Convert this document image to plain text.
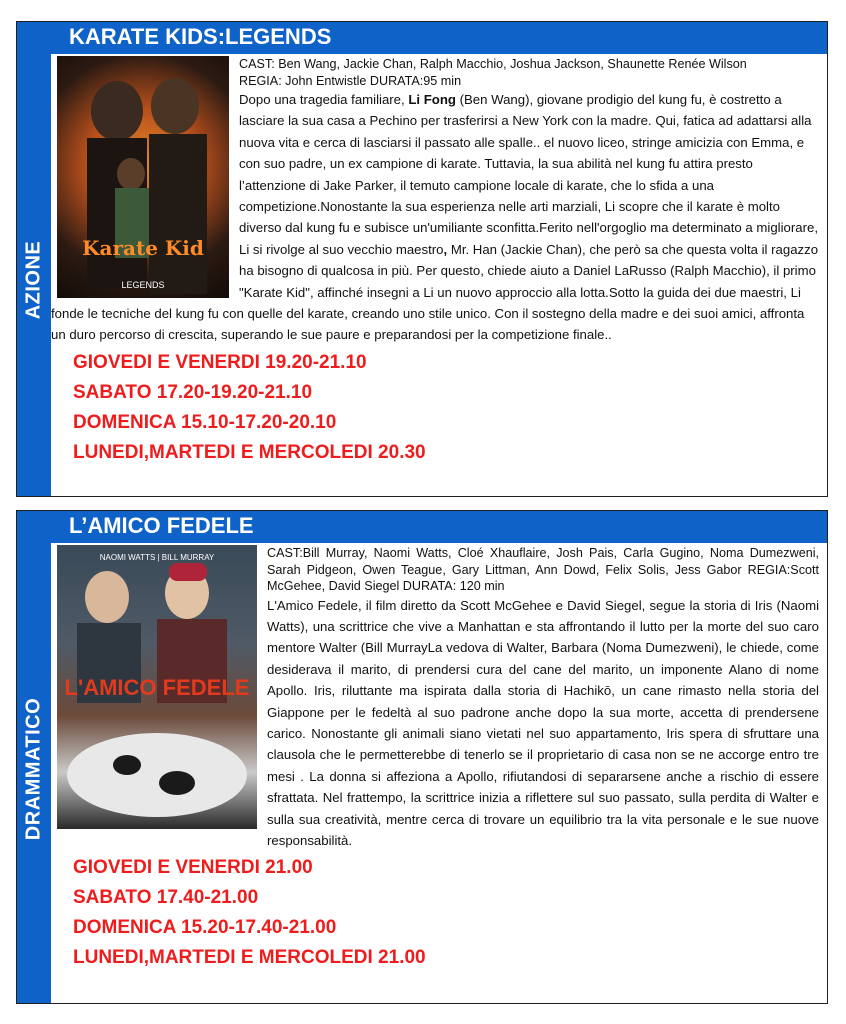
AZIONE
KARATE KIDS:LEGENDS
Karate Kid
LEGENDS
CAST: Ben Wang, Jackie Chan, Ralph Macchio, Joshua Jackson, Shaunette Renée Wilson
REGIA: John Entwistle DURATA:95 min
Dopo una tragedia familiare, Li Fong (Ben Wang), giovane prodigio del kung fu, è costretto a lasciare la sua casa a Pechino per trasferirsi a New York con la madre. Qui, fatica ad adattarsi alla nuova vita e cerca di lasciarsi il passato alle spalle.. el nuovo liceo, stringe amicizia con Emma, e con suo padre, un ex campione di karate. Tuttavia, la sua abilità nel kung fu attira presto l’attenzione di Jake Parker, il temuto campione locale di karate, che lo sfida a una competizione.Nonostante la sua esperienza nelle arti marziali, Li scopre che il karate è molto diverso dal kung fu e subisce un'umiliante sconfitta.Ferito nell'orgoglio ma determinato a migliorare, Li si rivolge al suo vecchio maestro, Mr. Han (Jackie Chan), che però sa che questa volta il ragazzo ha bisogno di qualcosa in più. Per questo, chiede aiuto a Daniel LaRusso (Ralph Macchio), il primo "Karate Kid", affinché insegni a Li un nuovo approccio alla lotta.Sotto la guida dei due maestri, Li fonde le tecniche del kung fu con quelle del karate, creando uno stile unico. Con il sostegno della madre e dei suoi amici, affronta un duro percorso di crescita, superando le sue paure e preparandosi per la competizione finale..
GIOVEDI E VENERDI 19.20-21.10
SABATO 17.20-19.20-21.10
DOMENICA 15.10-17.20-20.10
LUNEDI,MARTEDI E MERCOLEDI 20.30
DRAMMATICO
L’AMICO FEDELE
NAOMI WATTS | BILL MURRAY
L'AMICO FEDELE
CAST:Bill Murray, Naomi Watts, Cloé Xhauflaire, Josh Pais, Carla Gugino, Noma Dumezweni, Sarah Pidgeon, Owen Teague, Gary Littman, Ann Dowd, Felix Solis, Jess Gabor REGIA:Scott McGehee, David Siegel DURATA: 120 min
L'Amico Fedele, il film diretto da Scott McGehee e David Siegel, segue la storia di Iris (Naomi Watts), una scrittrice che vive a Manhattan e sta affrontando il lutto per la morte del suo caro mentore Walter (Bill MurrayLa vedova di Walter, Barbara (Noma Dumezweni), le chiede, come desiderava il marito, di prendersi cura del cane del marito, un imponente Alano di nome Apollo. Iris, riluttante ma ispirata dalla storia di Hachikō, un cane rimasto nella storia del Giappone per le fedeltà al suo padrone anche dopo la sua morte, accetta di prendersene carico. Nonostante gli animali siano vietati nel suo appartamento, Iris spera di sfruttare una clausola che le permetterebbe di tenerlo se il proprietario di casa non se ne accorge entro tre mesi . La donna si affeziona a Apollo, rifiutandosi di separarsene anche a rischio di essere sfrattata. Nel frattempo, la scrittrice inizia a riflettere sul suo passato, sulla perdita di Walter e sulla sua creatività, mentre cerca di trovare un equilibrio tra la vita personale e le sue nuove responsabilità.
GIOVEDI E VENERDI 21.00
SABATO 17.40-21.00
DOMENICA 15.20-17.40-21.00
LUNEDI,MARTEDI E MERCOLEDI 21.00
